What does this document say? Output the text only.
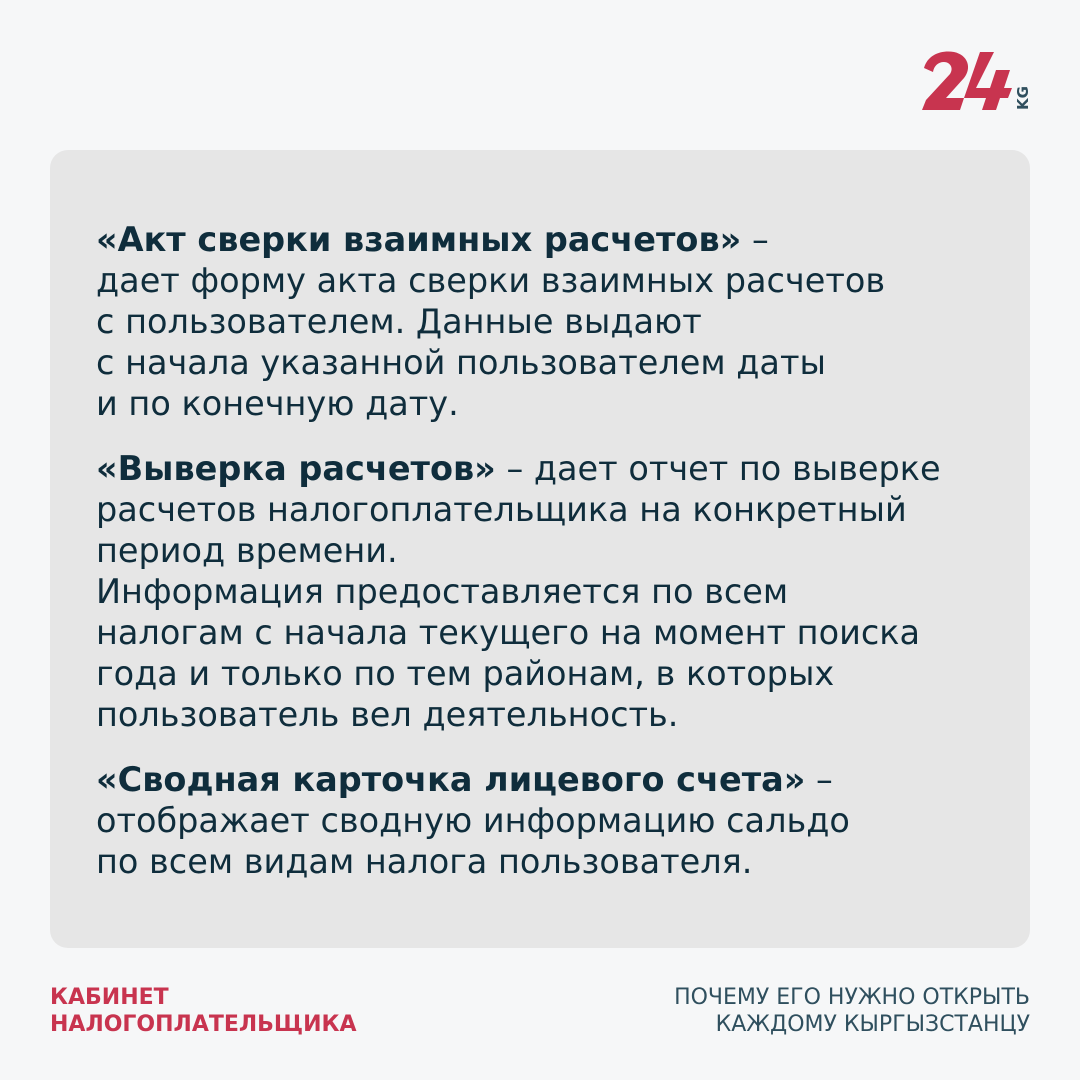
KG
«Акт сверки взаимных расчетов» –
дает форму акта сверки взаимных расчетов
с пользователем. Данные выдают
с начала указанной пользователем даты
и по конечную дату.
«Выверка расчетов» – дает отчет по выверке
расчетов налогоплательщика на конкретный
период времени.
Информация предоставляется по всем
налогам с начала текущего на момент поиска
года и только по тем районам, в которых
пользователь вел деятельность.
«Сводная карточка лицевого счета» –
отображает сводную информацию сальдо
по всем видам налога пользователя.
КАБИНЕТ
НАЛОГОПЛАТЕЛЬЩИКА
ПОЧЕМУ ЕГО НУЖНО ОТКРЫТЬ
КАЖДОМУ КЫРГЫЗСТАНЦУ
